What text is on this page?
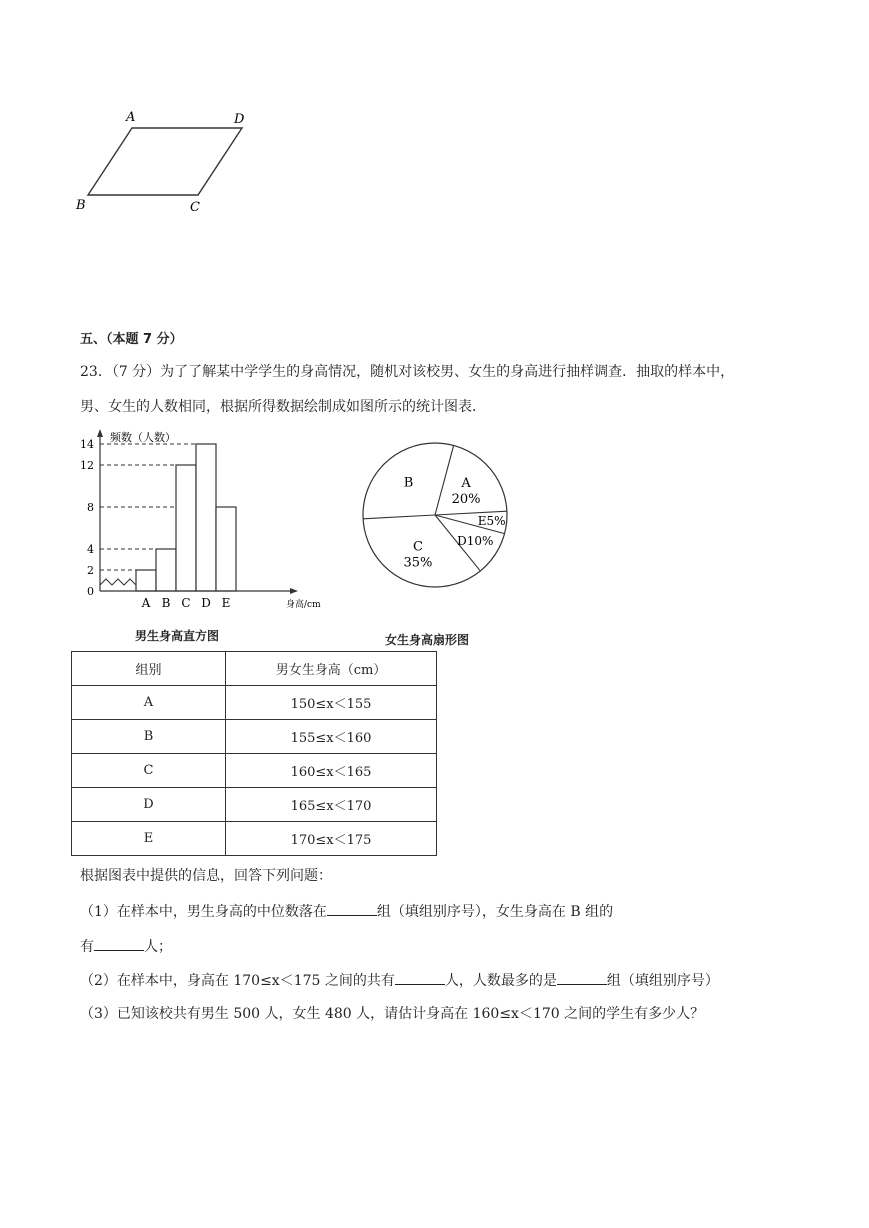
A	D
B	C
五、（本题 7 分）
23．（7 分）为了了解某中学学生的身高情况，随机对该校男、女生的身高进行抽样调查．抽取的样本中，
男、女生的人数相同，根据所得数据绘制成如图所示的统计图表．
0
2
4
8
12
14
A B C D E
频数（人数）
身高/cm
男生身高直方图
A
20%
E5%
D10%
C
35%
B
女生身高扇形图
组别	男女生身高（cm）
A	150≤x＜155
B	155≤x＜160
C	160≤x＜165
D	165≤x＜170
E	170≤x＜175
根据图表中提供的信息，回答下列问题：
（1）在样本中，男生身高的中位数落在	组（填组别序号），女生身高在 B 组的
有	人；
（2）在样本中，身高在 170≤x＜175 之间的共有	人，人数最多的是	组（填组别序号）
（3）已知该校共有男生 500 人，女生 480 人，请估计身高在 160≤x＜170 之间的学生有多少人？
